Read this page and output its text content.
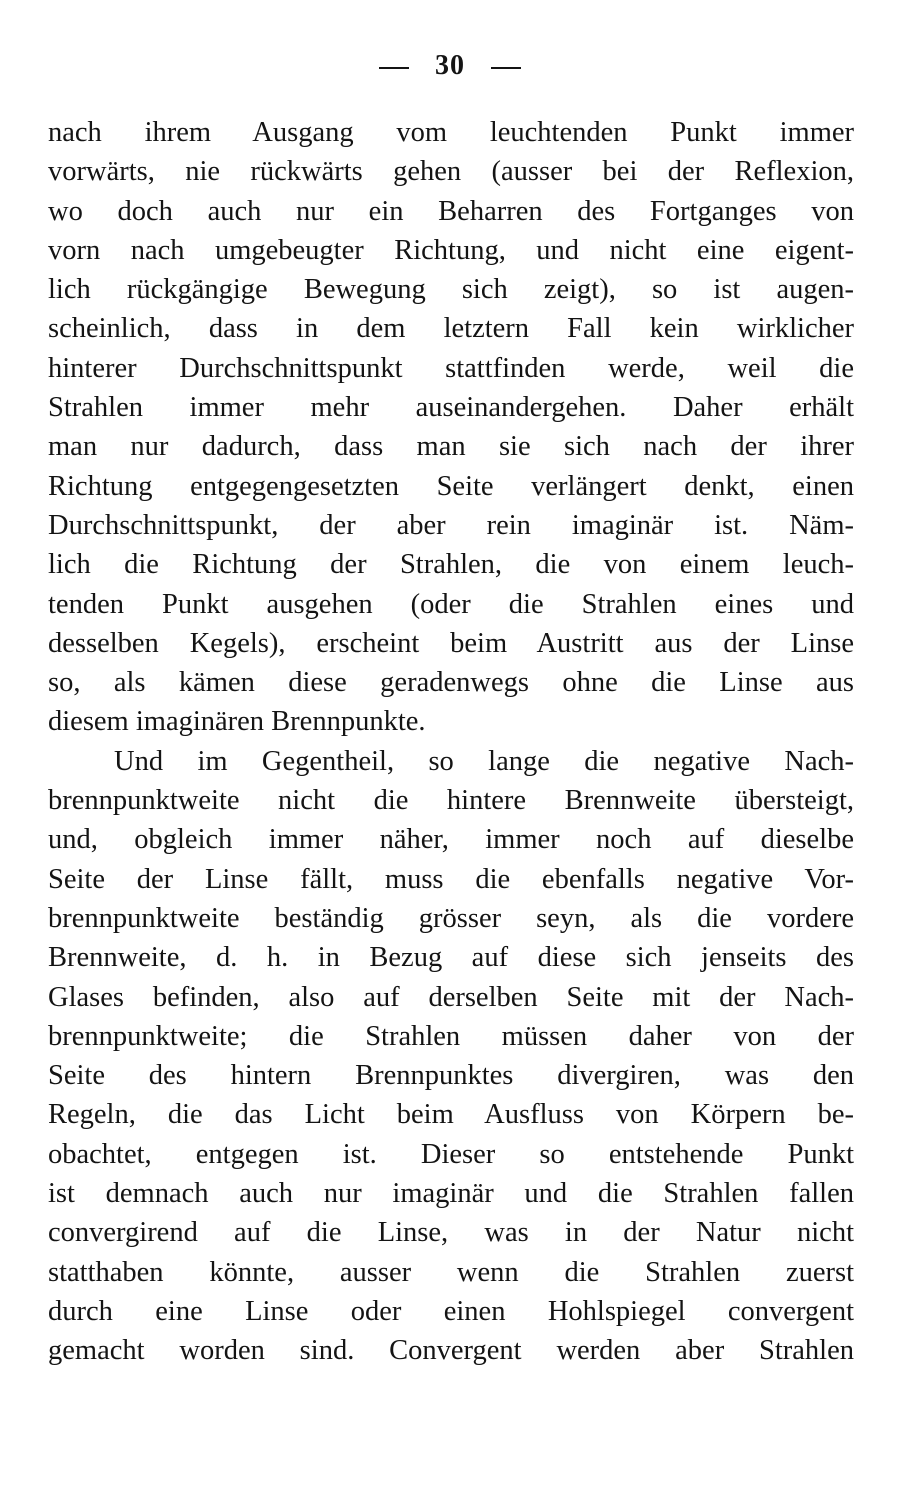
30
nach ihrem Ausgang vom leuchtenden Punkt immer
vorwärts, nie rückwärts gehen (ausser bei der Reflexion,
wo doch auch nur ein Beharren des Fortganges von
vorn nach umgebeugter Richtung, und nicht eine eigent-
lich rückgängige Bewegung sich zeigt), so ist augen-
scheinlich, dass in dem letztern Fall kein wirklicher
hinterer Durchschnittspunkt stattfinden werde, weil die
Strahlen immer mehr auseinandergehen. Daher erhält
man nur dadurch, dass man sie sich nach der ihrer
Richtung entgegengesetzten Seite verlängert denkt, einen
Durchschnittspunkt, der aber rein imaginär ist. Näm-
lich die Richtung der Strahlen, die von einem leuch-
tenden Punkt ausgehen (oder die Strahlen eines und
desselben Kegels), erscheint beim Austritt aus der Linse
so, als kämen diese geradenwegs ohne die Linse aus
diesem imaginären Brennpunkte.
Und im Gegentheil, so lange die negative Nach-
brennpunktweite nicht die hintere Brennweite übersteigt,
und, obgleich immer näher, immer noch auf dieselbe
Seite der Linse fällt, muss die ebenfalls negative Vor-
brennpunktweite beständig grösser seyn, als die vordere
Brennweite, d. h. in Bezug auf diese sich jenseits des
Glases befinden, also auf derselben Seite mit der Nach-
brennpunktweite; die Strahlen müssen daher von der
Seite des hintern Brennpunktes divergiren, was den
Regeln, die das Licht beim Ausfluss von Körpern be-
obachtet, entgegen ist. Dieser so entstehende Punkt
ist demnach auch nur imaginär und die Strahlen fallen
convergirend auf die Linse, was in der Natur nicht
statthaben könnte, ausser wenn die Strahlen zuerst
durch eine Linse oder einen Hohlspiegel convergent
gemacht worden sind. Convergent werden aber Strahlen
